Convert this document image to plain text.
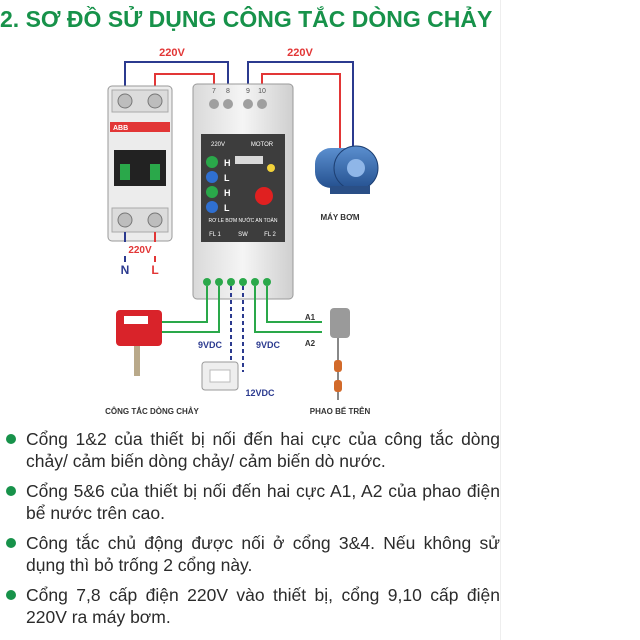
2. SƠ ĐỒ SỬ DỤNG CÔNG TẮC DÒNG CHẢY
220V	220V
ABB
220V
N L
7 8 9 10
220V	MOTOR
H
L
H
L
RƠ LE BƠM NƯỚC AN TOÀN
FL 1	SW	FL 2
MÁY BƠM
9VDC
12VDC
A1
A2
9VDC
CÔNG TẮC DÒNG CHẢY	PHAO BỂ TRÊN
Cổng 1&2 của thiết bị nối đến hai cực của công tắc dòng chảy/ cảm biến dòng chảy/ cảm biến dò nước.
Cổng 5&6 của thiết bị nối đến hai cực A1, A2 của phao điện bể nước trên cao.
Công tắc chủ động được nối ở cổng 3&4. Nếu không sử dụng thì bỏ trống 2 cổng này.
Cổng 7,8 cấp điện 220V vào thiết bị, cổng 9,10 cấp điện 220V ra máy bơm.
